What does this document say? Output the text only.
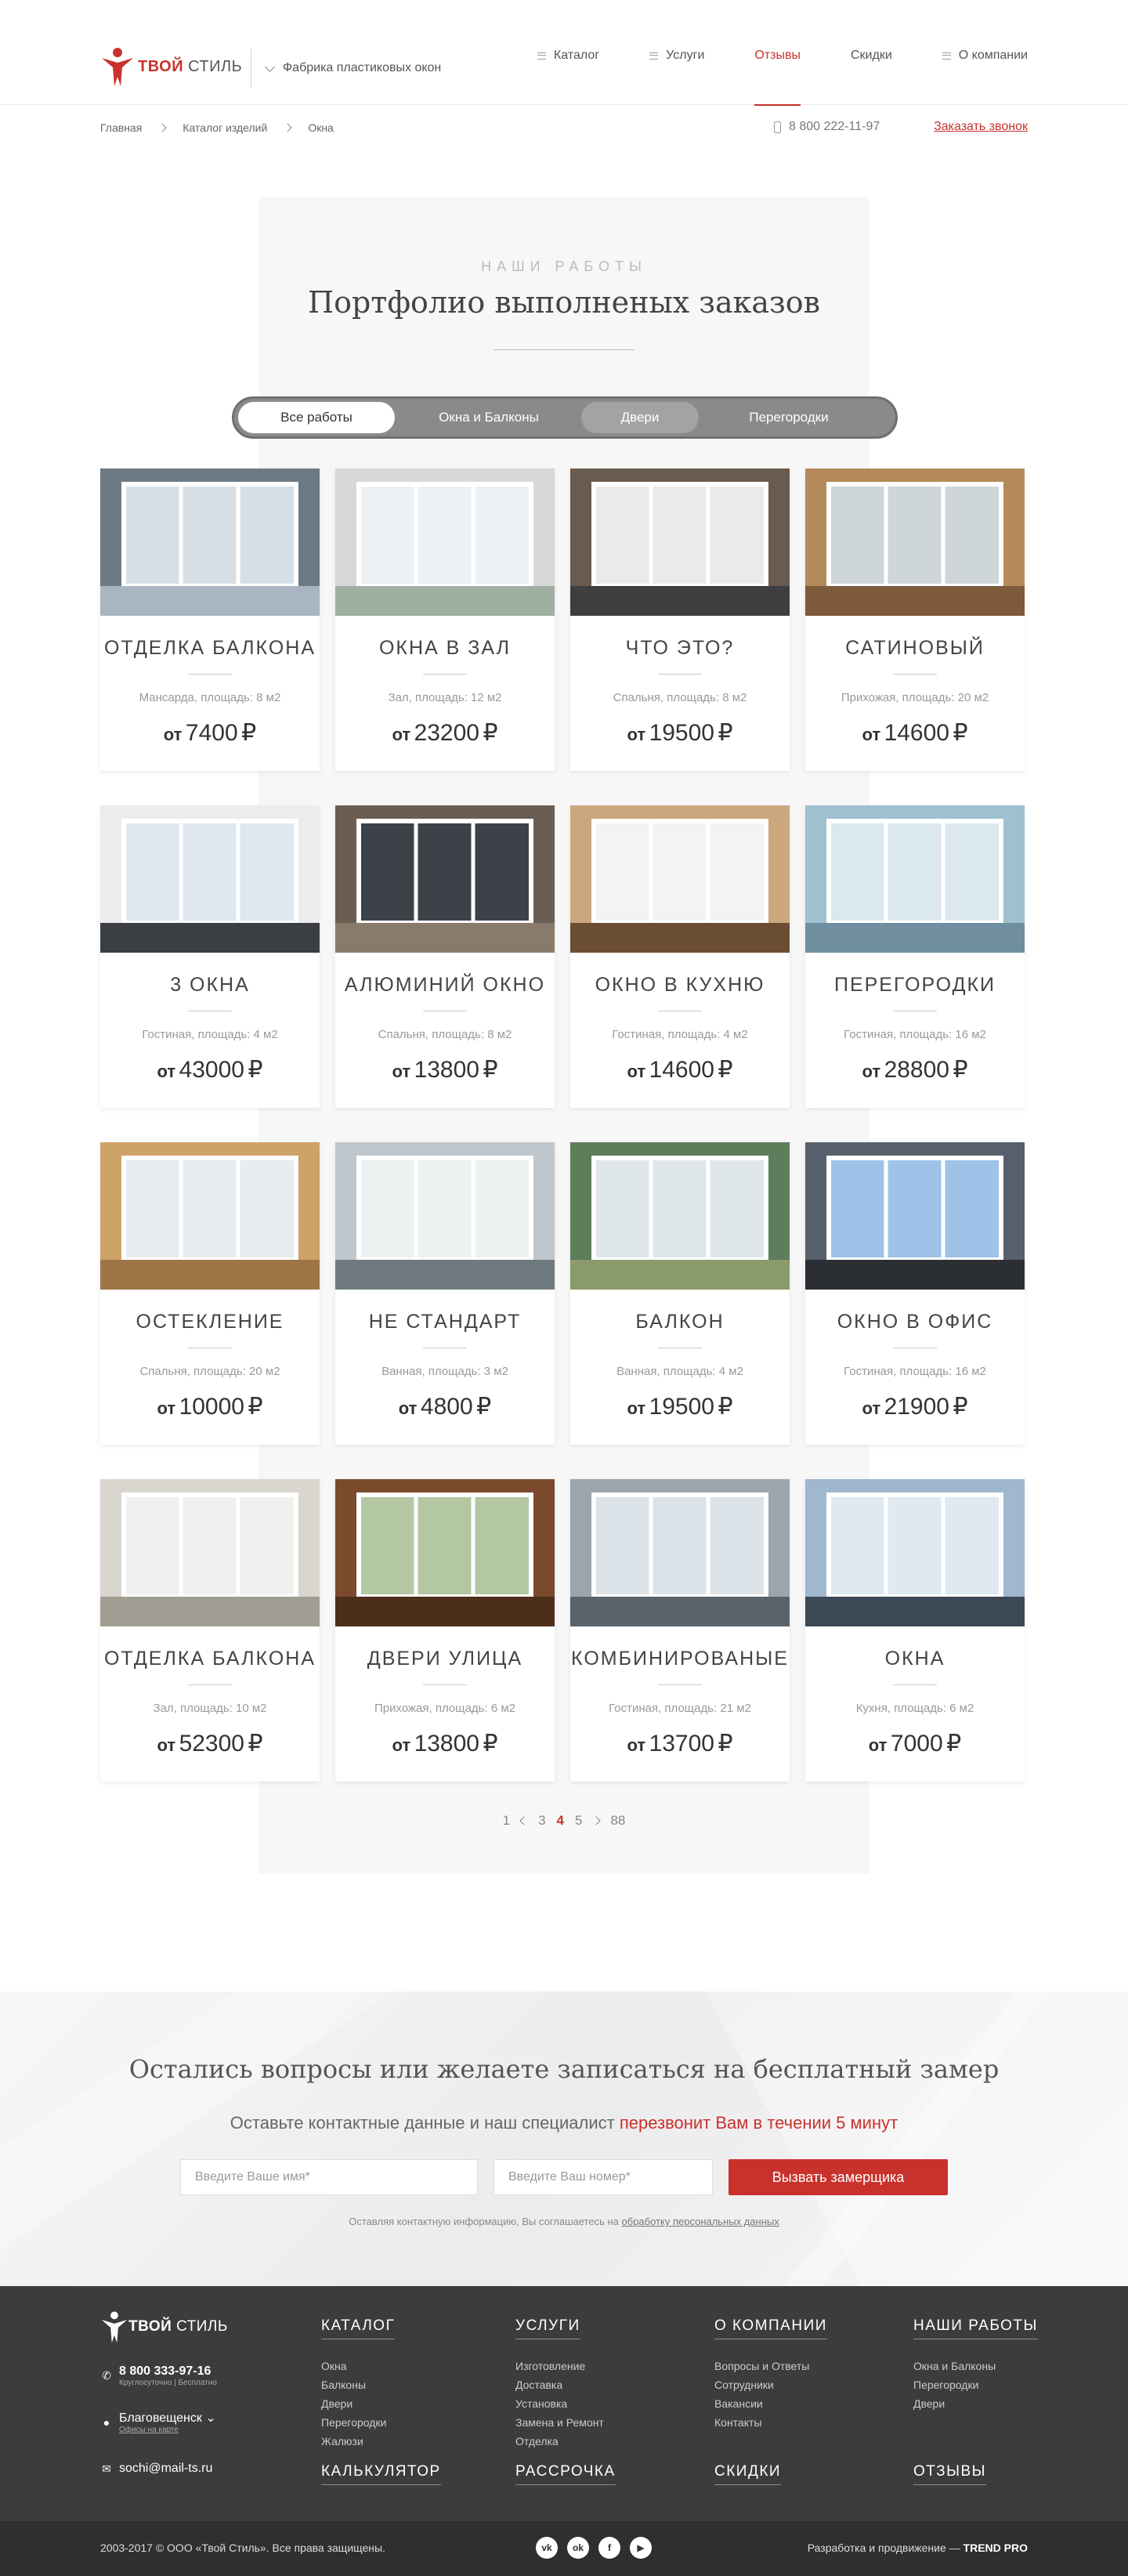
ТВОЙ СТИЛЬ	Фабрика пластиковых окон
Каталог	Услуги	Отзывы	Скидки	О компании
Главная	Каталог изделий	Окна	8 800 222-11-97	Заказать звонок
НАШИ РАБОТЫ
Портфолио выполненых заказов
Все работы	Окна и Балконы	Двери	Перегородки
ОТДЕЛКА БАЛКОНА
Мансарда, площадь: 8 м2
от 7400 ₽
ОКНА В ЗАЛ
Зал, площадь: 12 м2
от 23200 ₽
ЧТО ЭТО?
Спальня, площадь: 8 м2
от 19500 ₽
САТИНОВЫЙ
Прихожая, площадь: 20 м2
от 14600 ₽
3 ОКНА
Гостиная, площадь: 4 м2
от 43000 ₽
АЛЮМИНИЙ ОКНО
Спальня, площадь: 8 м2
от 13800 ₽
ОКНО В КУХНЮ
Гостиная, площадь: 4 м2
от 14600 ₽
ПЕРЕГОРОДКИ
Гостиная, площадь: 16 м2
от 28800 ₽
ОСТЕКЛЕНИЕ
Спальня, площадь: 20 м2
от 10000 ₽
НЕ СТАНДАРТ
Ванная, площадь: 3 м2
от 4800 ₽
БАЛКОН
Ванная, площадь: 4 м2
от 19500 ₽
ОКНО В ОФИС
Гостиная, площадь: 16 м2
от 21900 ₽
ОТДЕЛКА БАЛКОНА
Зал, площадь: 10 м2
от 52300 ₽
ДВЕРИ УЛИЦА
Прихожая, площадь: 6 м2
от 13800 ₽
КОМБИНИРОВАНЫЕ
Гостиная, площадь: 21 м2
от 13700 ₽
ОКНА
Кухня, площадь: 6 м2
от 7000 ₽
1 3 4 5 88
Остались вопросы или желаете записаться на бесплатный замер
Оставьте контактные данные и наш специалист перезвонит Вам в течении 5 минут
Введите Ваше имя*	Введите Ваш номер*	Вызвать замерщика
Оставляя контактную информацию, Вы соглашаетесь на обработку персональных данных
ТВОЙ СТИЛЬ
✆ 8 800 333-97-16
Круглосуточно | Бесплатно
● Благовещенск ⌄
Офисы на карте
✉ sochi@mail-ts.ru
КАТАЛОГ
Окна
Балконы
Двери
Перегородки
Жалюзи
УСЛУГИ
Изготовление
Доставка
Установка
Замена и Ремонт
Отделка
О КОМПАНИИ
Вопросы и Ответы
Сотрудники
Вакансии
Контакты
НАШИ РАБОТЫ
Окна и Балконы
Перегородки
Двери
КАЛЬКУЛЯТОР	РАССРОЧКА	СКИДКИ	ОТЗЫВЫ
2003-2017 © ООО «Твой Стиль». Все права защищены.	vk	ok	f	▶	Разработка и продвижение — TREND PRO
